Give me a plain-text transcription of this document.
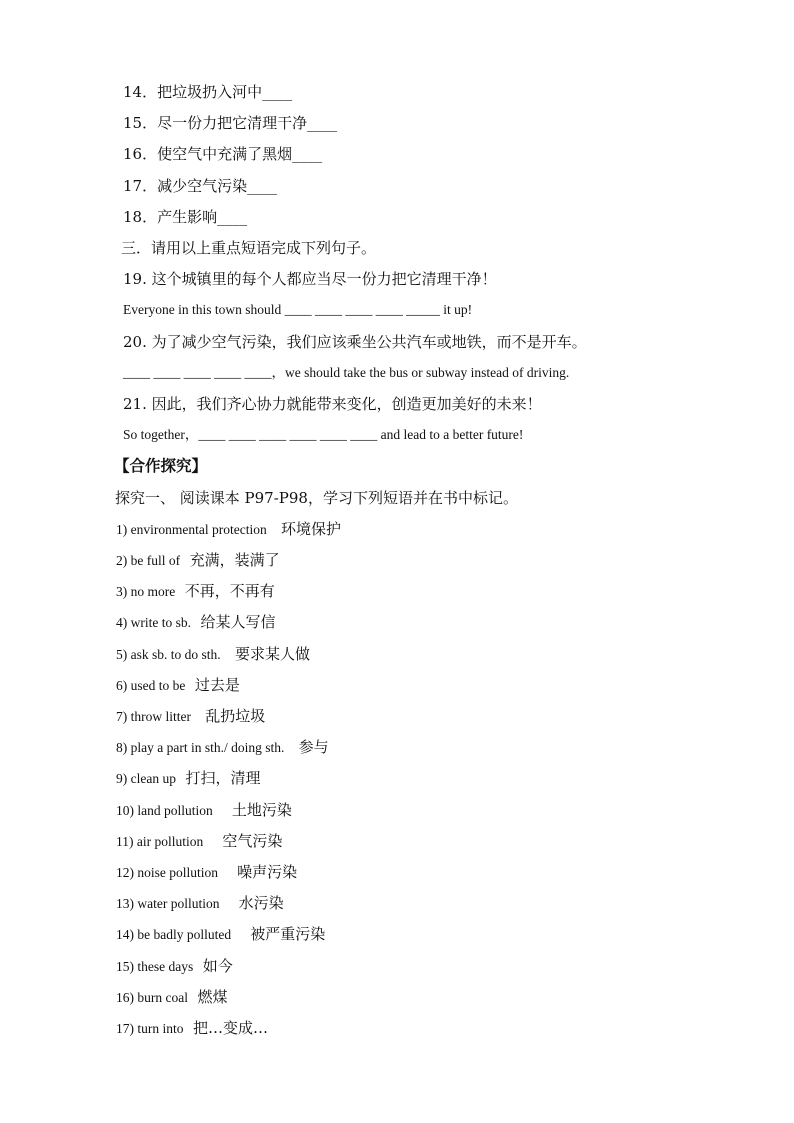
14．把垃圾扔入河中____
15．尽一份力把它清理干净____
16．使空气中充满了黑烟____
17．减少空气污染____
18．产生影响____
三．请用以上重点短语完成下列句子。
19. 这个城镇里的每个人都应当尽一份力把它清理干净！
Everyone in this town should ____ ____ ____ ____ _____ it up!
20. 为了减少空气污染，我们应该乘坐公共汽车或地铁，而不是开车。
____ ____ ____ ____ ____，we should take the bus or subway instead of driving.
21. 因此，我们齐心协力就能带来变化，创造更加美好的未来！
So together，____ ____ ____ ____ ____ ____ and lead to a better future!
【合作探究】
探究一、 阅读课本 P97-P98，学习下列短语并在书中标记。
1) environmental protection 环境保护
2) be full of 充满，装满了
3) no more 不再，不再有
4) write to sb. 给某人写信
5) ask sb. to do sth. 要求某人做
6) used to be 过去是
7) throw litter 乱扔垃圾
8) play a part in sth./ doing sth. 参与
9) clean up 打扫，清理
10) land pollution 土地污染
11) air pollution 空气污染
12) noise pollution 噪声污染
13) water pollution 水污染
14) be badly polluted 被严重污染
15) these days 如今
16) burn coal 燃煤
17) turn into 把…变成…
